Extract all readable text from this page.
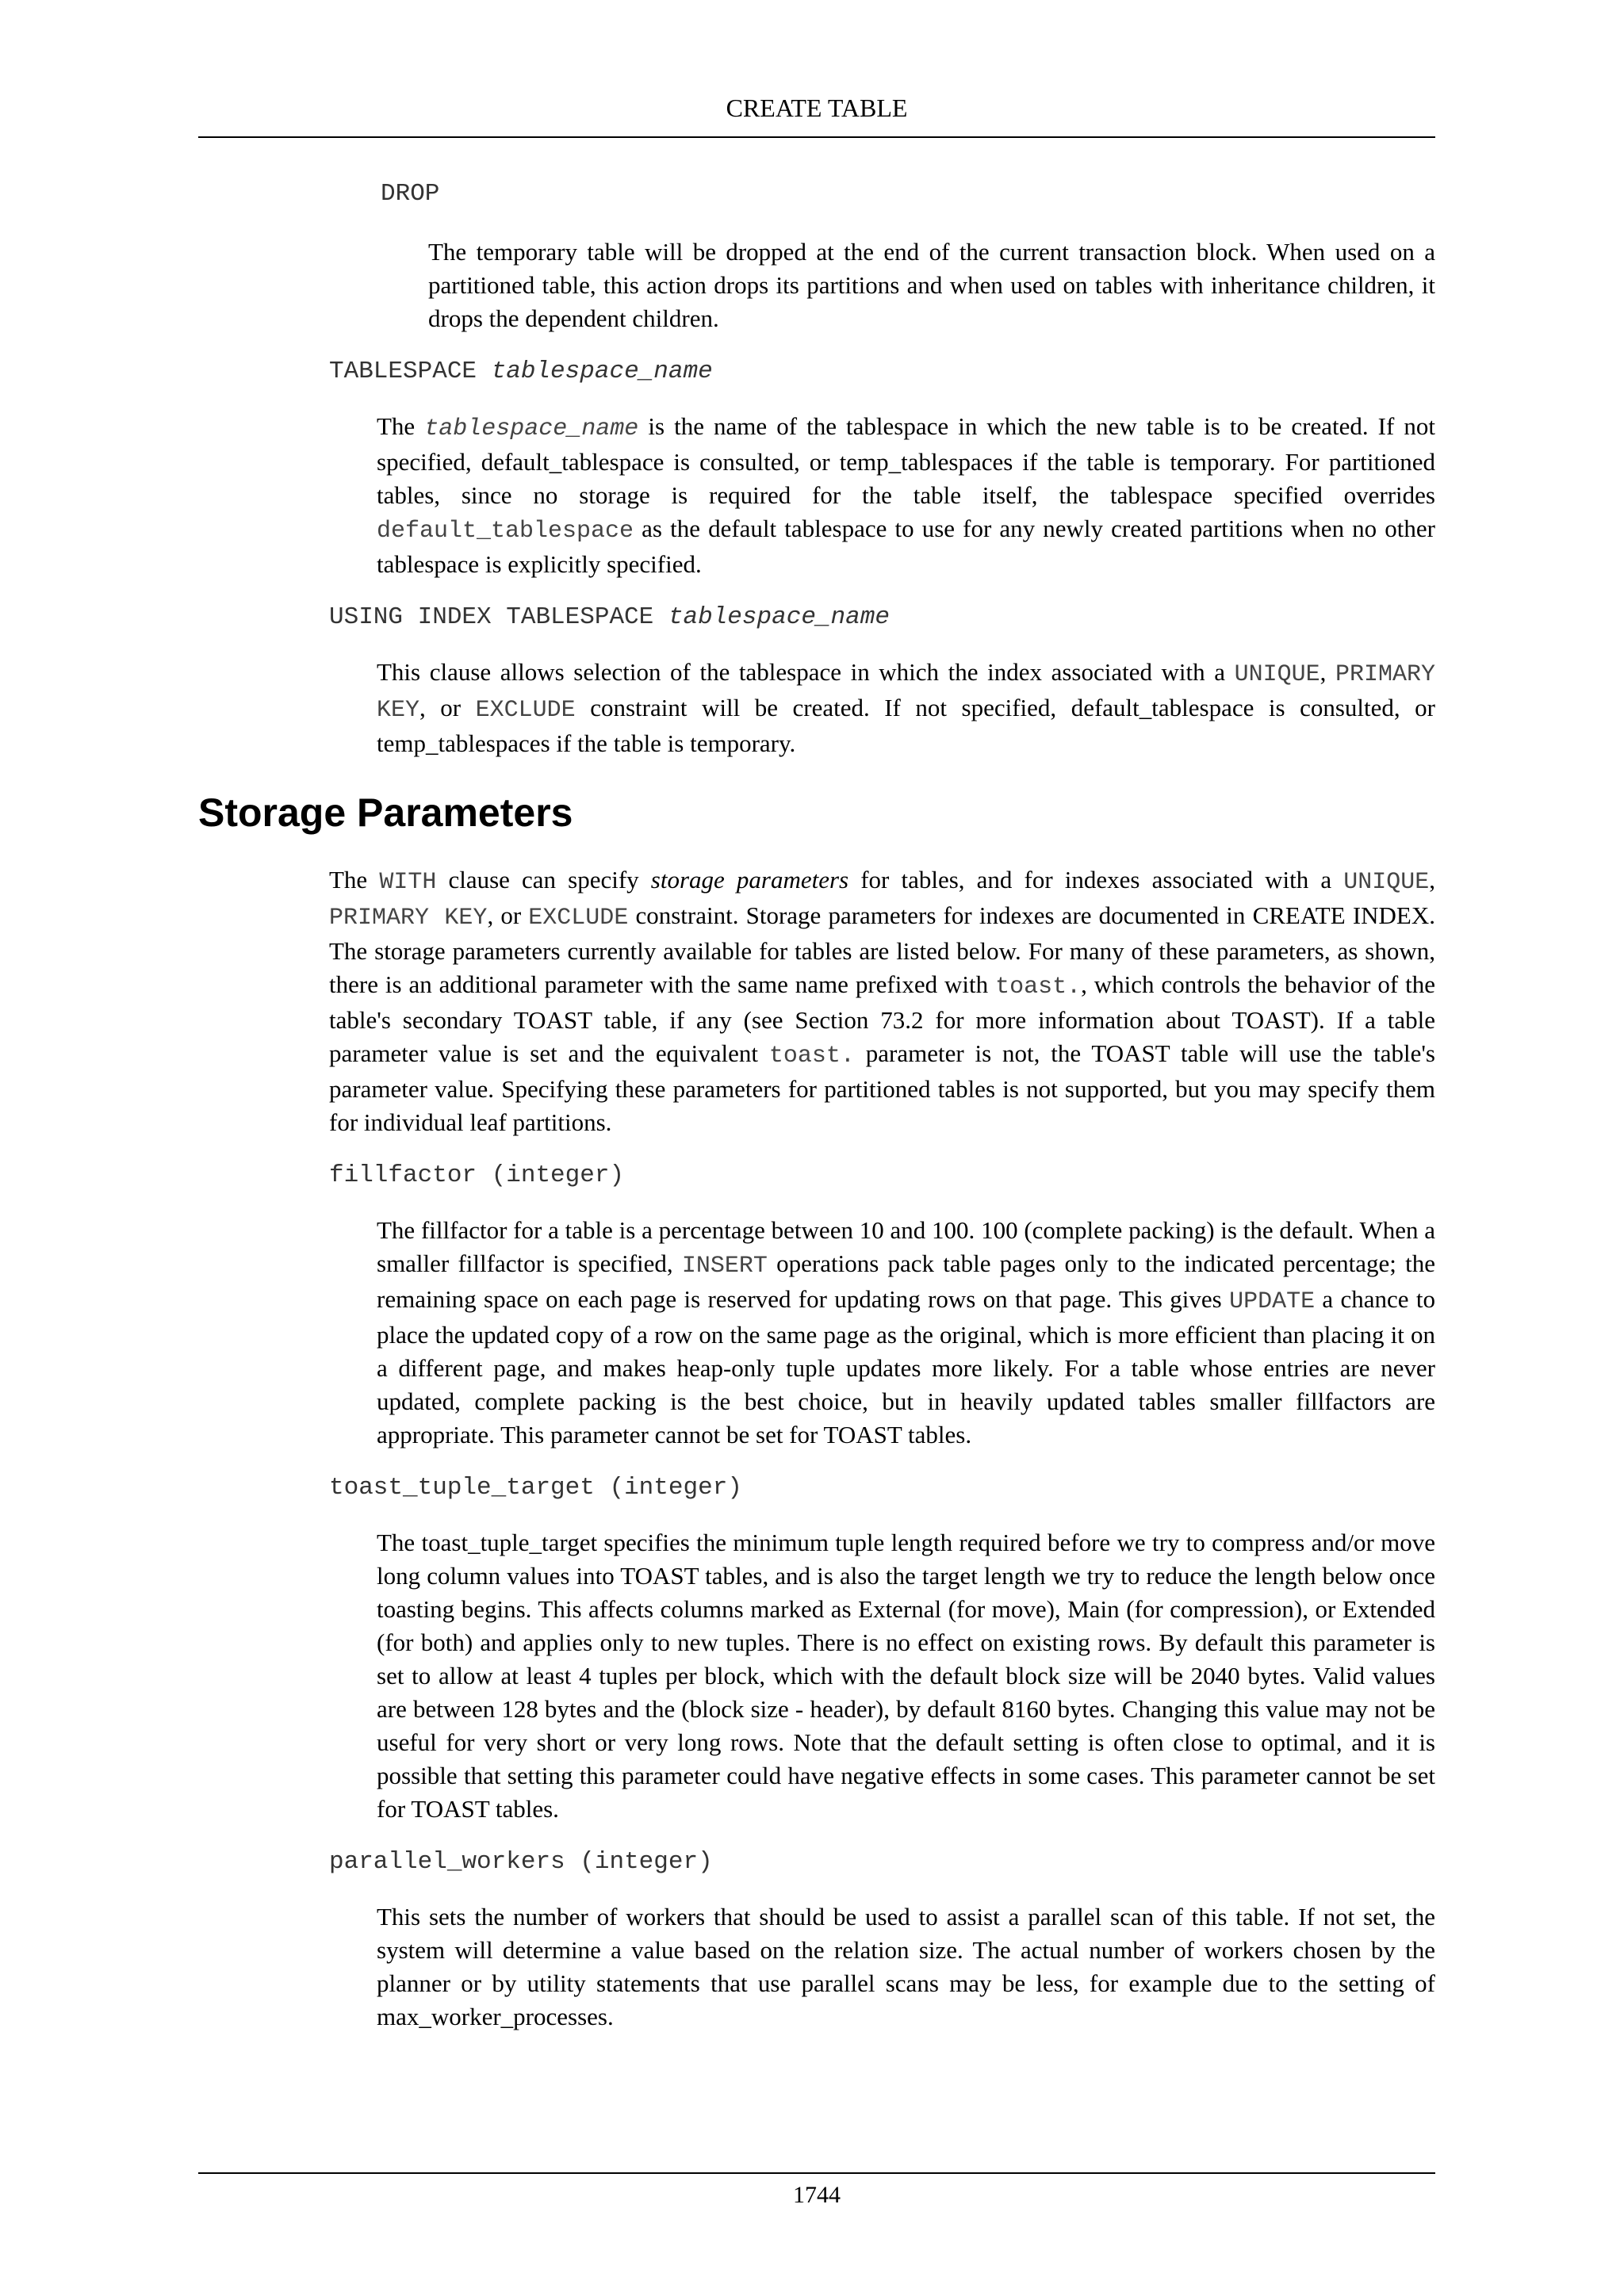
CREATE TABLE

DROP

The temporary table will be dropped at the end of the current transaction block. When used on a partitioned table, this action drops its partitions and when used on tables with inheritance children, it drops the dependent children.

TABLESPACE tablespace_name

The tablespace_name is the name of the tablespace in which the new table is to be created. If not specified, default_tablespace is consulted, or temp_tablespaces if the table is temporary. For partitioned tables, since no storage is required for the table itself, the tablespace specified overrides default_tablespace as the default tablespace to use for any newly created partitions when no other tablespace is explicitly specified.

USING INDEX TABLESPACE tablespace_name

This clause allows selection of the tablespace in which the index associated with a UNIQUE, PRIMARY KEY, or EXCLUDE constraint will be created. If not specified, default_tablespace is consulted, or temp_tablespaces if the table is temporary.

Storage Parameters

The WITH clause can specify storage parameters for tables, and for indexes associated with a UNIQUE, PRIMARY KEY, or EXCLUDE constraint. Storage parameters for indexes are documented in CREATE INDEX. The storage parameters currently available for tables are listed below. For many of these parameters, as shown, there is an additional parameter with the same name prefixed with toast., which controls the behavior of the table's secondary TOAST table, if any (see Section 73.2 for more information about TOAST). If a table parameter value is set and the equivalent toast. parameter is not, the TOAST table will use the table's parameter value. Specifying these parameters for partitioned tables is not supported, but you may specify them for individual leaf partitions.

fillfactor (integer)

The fillfactor for a table is a percentage between 10 and 100. 100 (complete packing) is the default. When a smaller fillfactor is specified, INSERT operations pack table pages only to the indicated percentage; the remaining space on each page is reserved for updating rows on that page. This gives UPDATE a chance to place the updated copy of a row on the same page as the original, which is more efficient than placing it on a different page, and makes heap-only tuple updates more likely. For a table whose entries are never updated, complete packing is the best choice, but in heavily updated tables smaller fillfactors are appropriate. This parameter cannot be set for TOAST tables.

toast_tuple_target (integer)

The toast_tuple_target specifies the minimum tuple length required before we try to compress and/or move long column values into TOAST tables, and is also the target length we try to reduce the length below once toasting begins. This affects columns marked as External (for move), Main (for compression), or Extended (for both) and applies only to new tuples. There is no effect on existing rows. By default this parameter is set to allow at least 4 tuples per block, which with the default block size will be 2040 bytes. Valid values are between 128 bytes and the (block size - header), by default 8160 bytes. Changing this value may not be useful for very short or very long rows. Note that the default setting is often close to optimal, and it is possible that setting this parameter could have negative effects in some cases. This parameter cannot be set for TOAST tables.

parallel_workers (integer)

This sets the number of workers that should be used to assist a parallel scan of this table. If not set, the system will determine a value based on the relation size. The actual number of workers chosen by the planner or by utility statements that use parallel scans may be less, for example due to the setting of max_worker_processes.

1744
